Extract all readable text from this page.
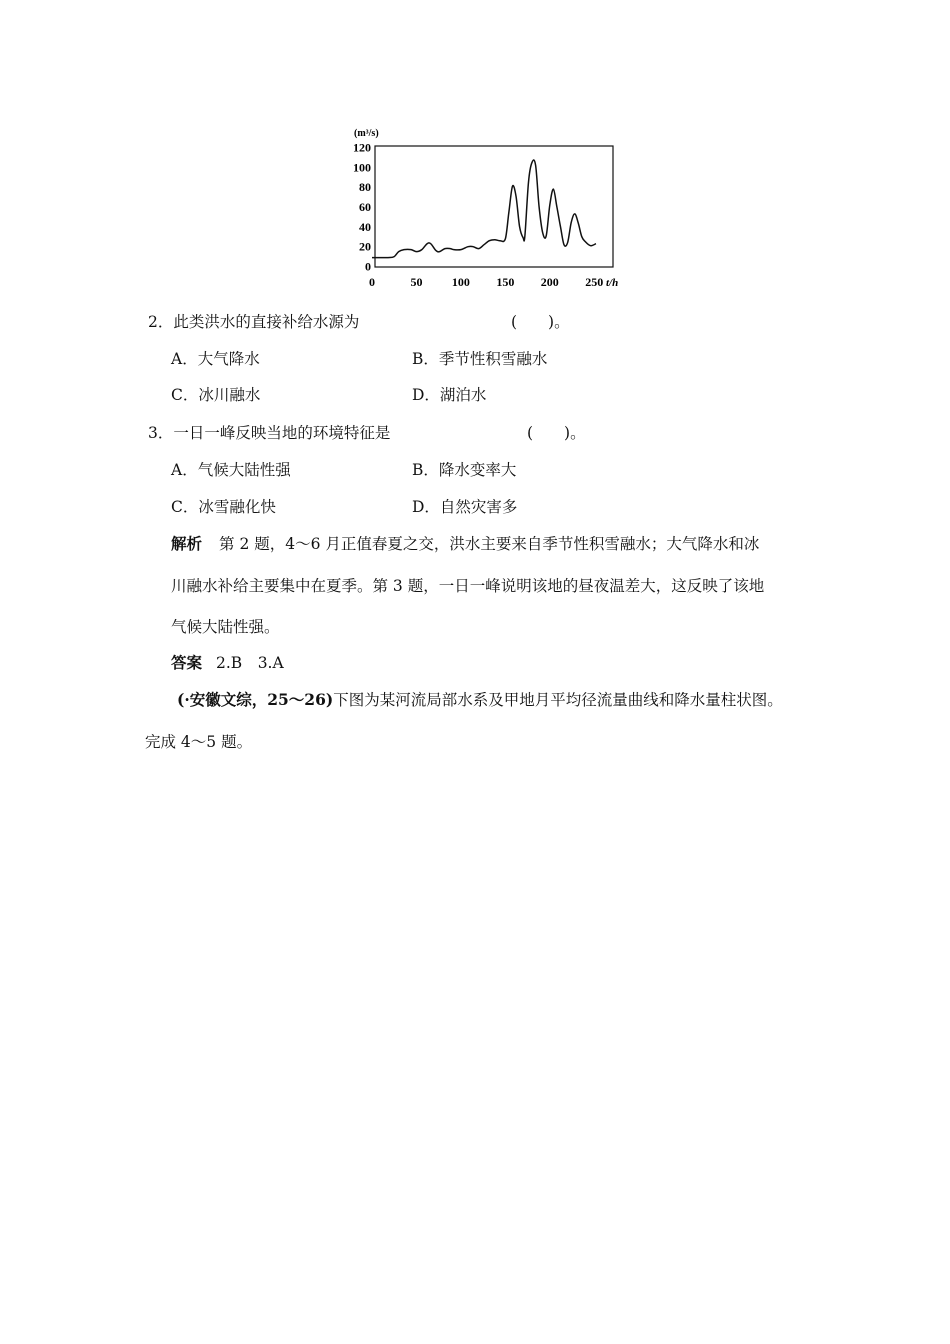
(m³/s)
0
20
40
60
80
100
120
0	50 100 150 200 250 t/h
2．此类洪水的直接补给水源为	(　　)。
A．大气降水	B．季节性积雪融水
C．冰川融水	D．湖泊水
3．一日一峰反映当地的环境特征是	(　　)。
A．气候大陆性强	B．降水变率大
C．冰雪融化快	D．自然灾害多
解析 第 2 题，4～6 月正值春夏之交，洪水主要来自季节性积雪融水；大气降水和冰
川融水补给主要集中在夏季。第 3 题，一日一峰说明该地的昼夜温差大，这反映了该地
气候大陆性强。
答案 2.B　3.A
(·安徽文综，25～26)下图为某河流局部水系及甲地月平均径流量曲线和降水量柱状图。
完成 4～5 题。
